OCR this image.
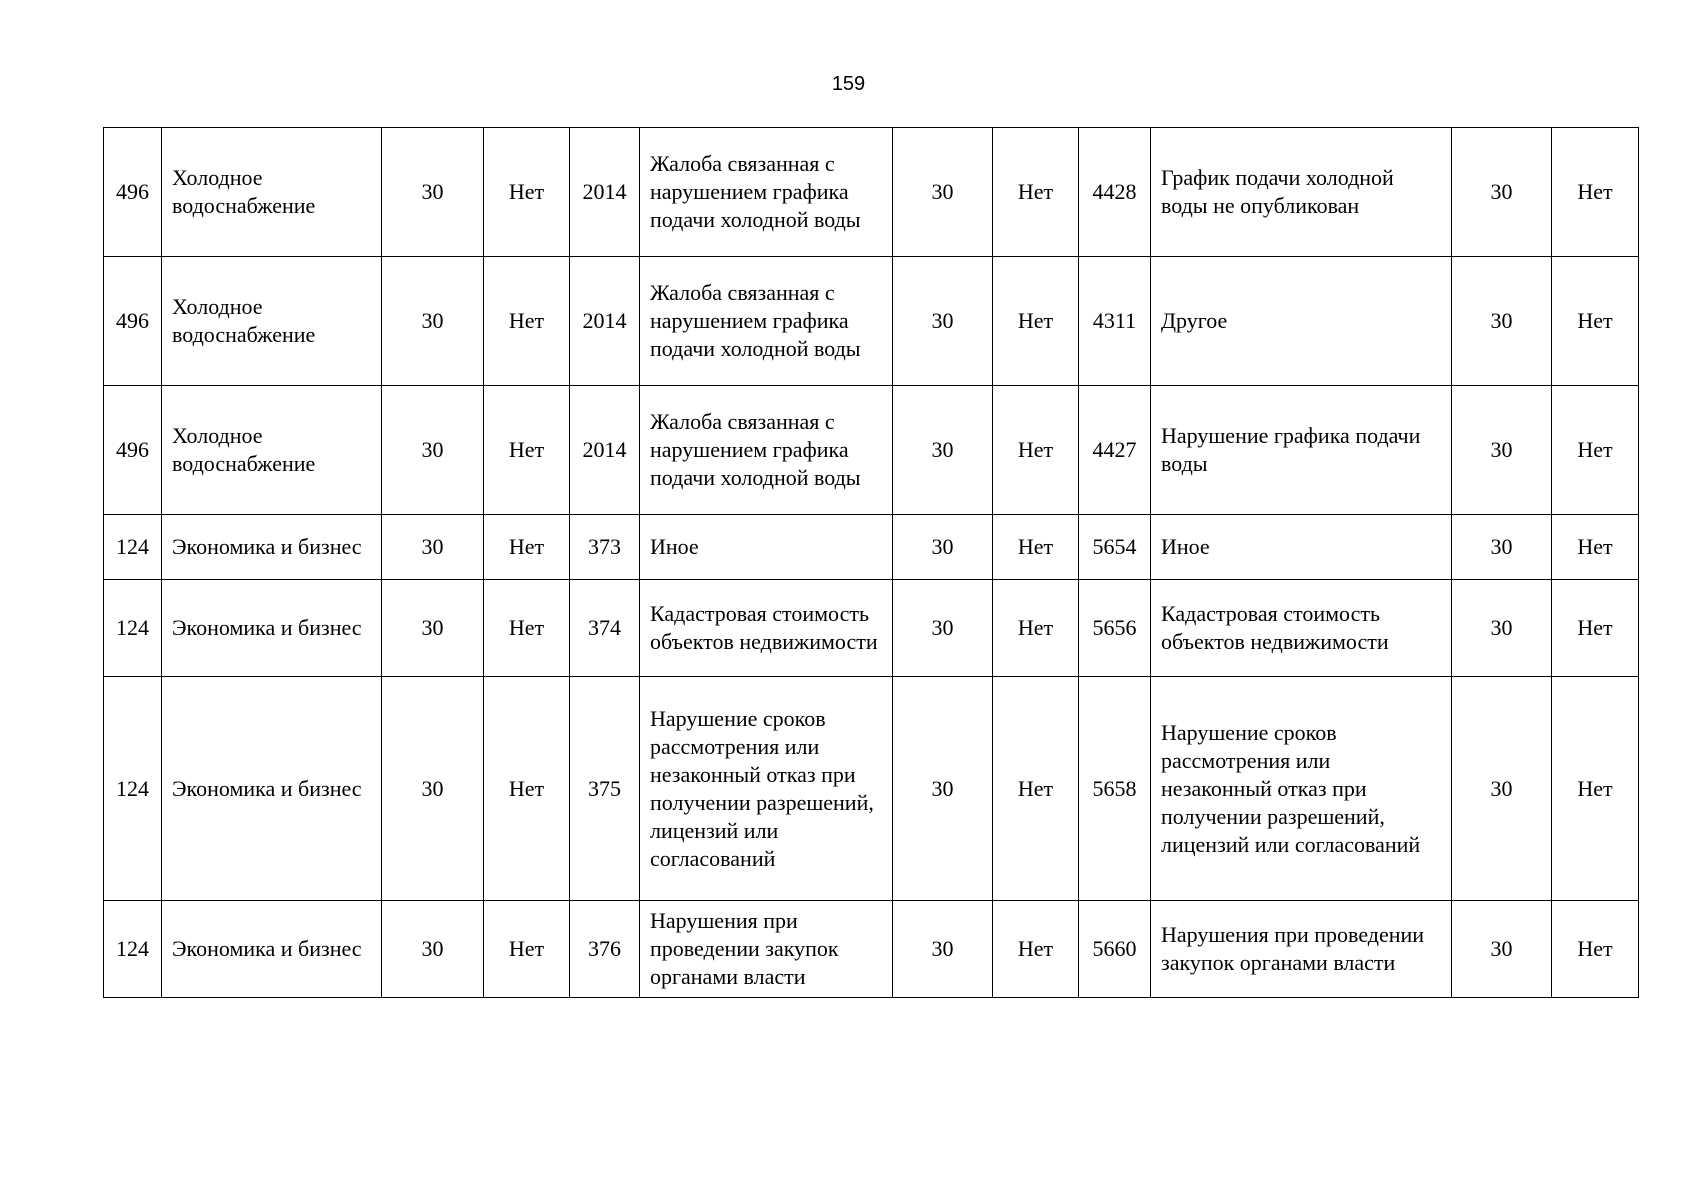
159
496	Холодное водоснабжение	30	Нет	2014	Жалоба связанная с нарушением графика подачи холодной воды	30	Нет	4428	График подачи холодной воды не опубликован	30	Нет
496	Холодное водоснабжение	30	Нет	2014	Жалоба связанная с нарушением графика подачи холодной воды	30	Нет	4311	Другое	30	Нет
496	Холодное водоснабжение	30	Нет	2014	Жалоба связанная с нарушением графика подачи холодной воды	30	Нет	4427	Нарушение графика подачи воды	30	Нет
124	Экономика и бизнес	30	Нет	373	Иное	30	Нет	5654	Иное	30	Нет
124	Экономика и бизнес	30	Нет	374	Кадастровая стоимость объектов недвижимости	30	Нет	5656	Кадастровая стоимость объектов недвижимости	30	Нет
124	Экономика и бизнес	30	Нет	375	Нарушение сроков рассмотрения или незаконный отказ при получении разрешений, лицензий или согласований	30	Нет	5658	Нарушение сроков рассмотрения или незаконный отказ при получении разрешений, лицензий или согласований	30	Нет
124	Экономика и бизнес	30	Нет	376	Нарушения при проведении закупок органами власти	30	Нет	5660	Нарушения при проведении закупок органами власти	30	Нет
